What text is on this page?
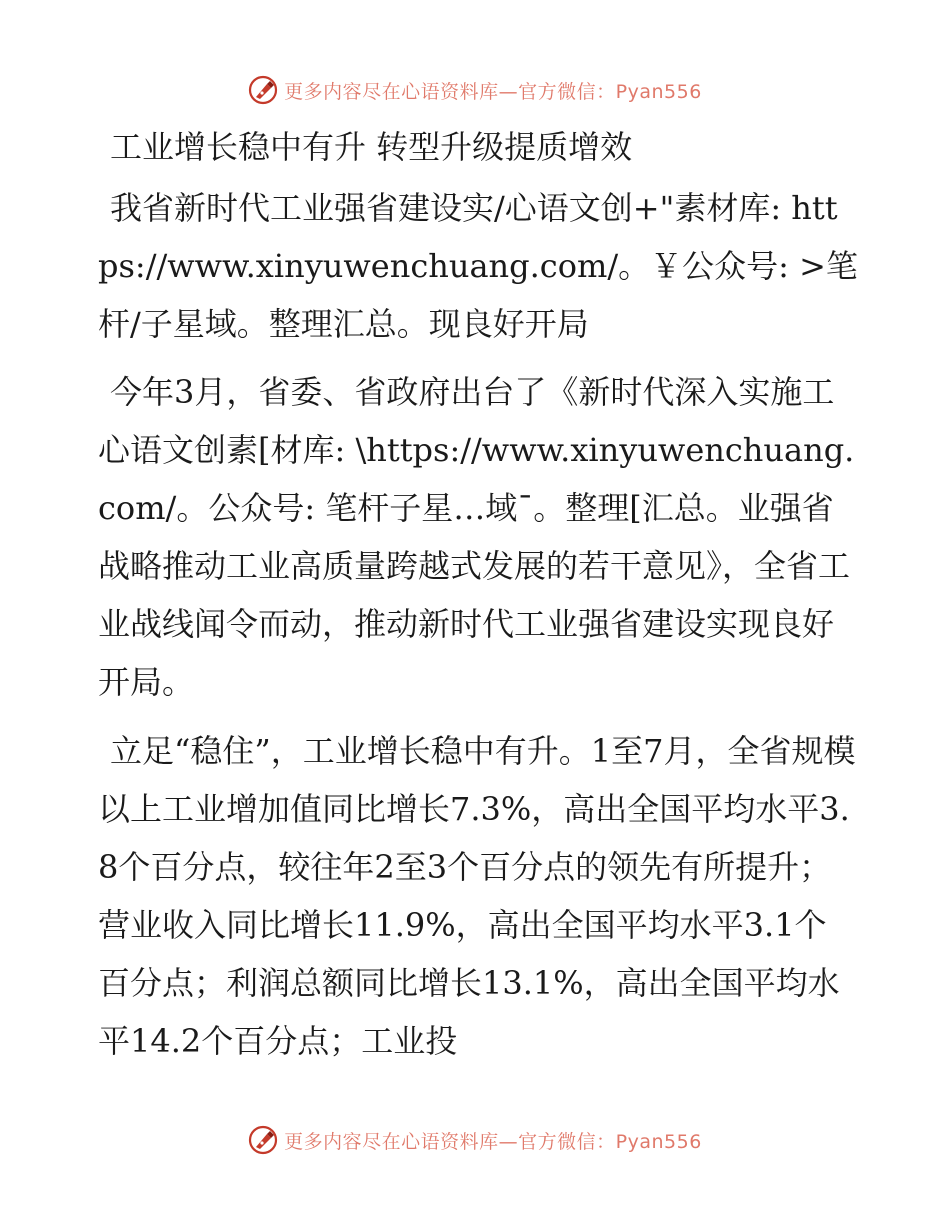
更多内容尽在心语资料库—官方微信：Pyan556

工业增长稳中有升 转型升级提质增效

我省新时代工业强省建设实/心语文创+"素材库: https://www.xinyuwenchuang.com/。￥公众号: >笔杆/子星域。整理汇总。现良好开局

今年3月，省委、省政府出台了《新时代深入实施工心语文创素[材库: \https://www.xinyuwenchuang.com/。公众号: 笔杆子星…域¯。整理[汇总。业强省战略推动工业高质量跨越式发展的若干意见》，全省工业战线闻令而动，推动新时代工业强省建设实现良好开局。

立足“稳住”，工业增长稳中有升。1至7月，全省规模以上工业增加值同比增长7.3%，高出全国平均水平3.8个百分点，较往年2至3个百分点的领先有所提升；营业收入同比增长11.9%，高出全国平均水平3.1个百分点；利润总额同比增长13.1%，高出全国平均水平14.2个百分点；工业投

更多内容尽在心语资料库—官方微信：Pyan556
